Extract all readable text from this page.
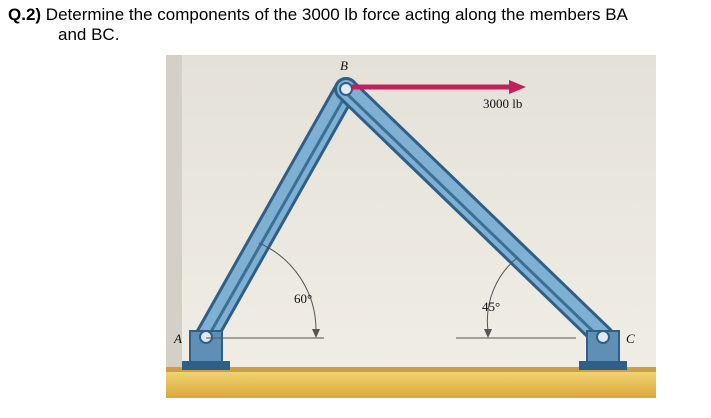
Q.2) Determine the components of the 3000 lb force acting along the members BA
and BC.
B
A	C
3000 lb
60°
45°
